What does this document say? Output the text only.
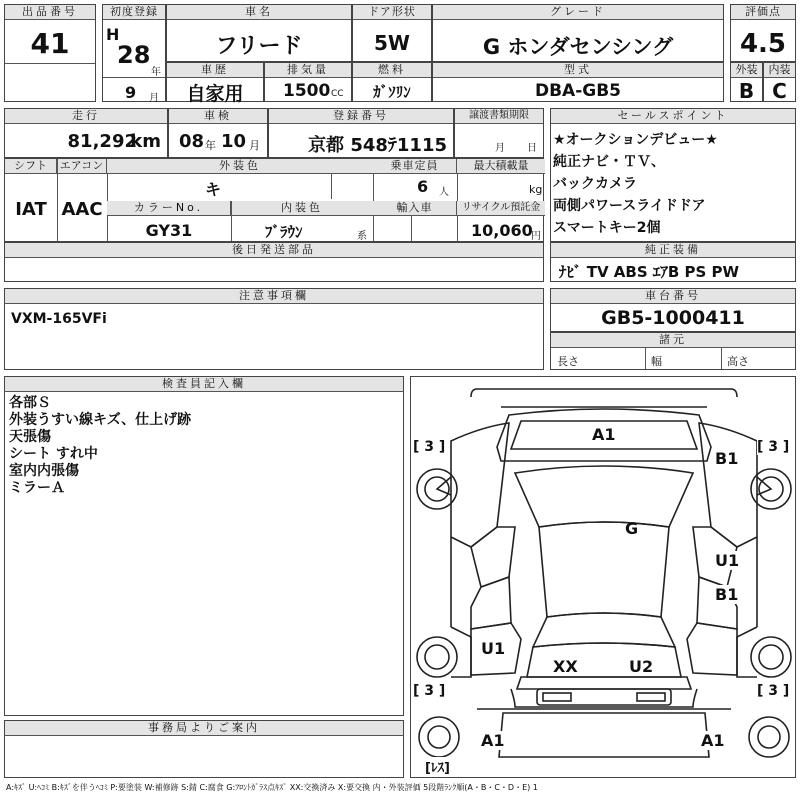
出品番号
41
初度登録
H
28
年
9 月
車名
フリード
ドア形状
5W
グレード
G ホンダセンシング
評価点
4.5
車歴
自家用
排気量
1500 CC
燃料
ｶﾞｿﾘﾝ
型式
DBA-GB5
外装
B
内装
C
走行
81,292
km
車検
08 年 10 月
登録番号
京都 548ﾃ1115
譲渡書類期限
月 日
シフト	エアコン
IAT AAC
外装色
キ
カラーNo.	内装色
GY31	ﾌﾞﾗｳﾝ	系
乗車定員
6 人
最大積載量
kg
輸入車	リサイクル預託金
10,060
円
後日発送部品
セールスポイント
★オークションデビュー★
純正ナビ・ＴＶ、
バックカメラ
両側パワースライドドア
スマートキー2個
純正装備
ﾅﾋﾞ TV ABS ｴｱB PS PW
注意事項欄
VXM-165VFi
車台番号
GB5-1000411
諸元
長さ	幅	高さ
検査員記入欄
各部Ｓ
外装うすい線キズ、仕上げ跡
天張傷
シート すれ中
室内内張傷
ミラーＡ
事務局よりご案内
A1
B1
G
U1
B1
U1
XX	U2
A1	A1
[ 3 ]	[ 3 ]
[ 3 ]	[ 3 ]
[ﾚｽ]
A:ｷｽﾞ U:ﾍｺﾐ B:ｷｽﾞを伴うﾍｺﾐ P:要塗装 W:補修跡 S:錆 C:腐食 G:ﾌﾛﾝﾄｶﾞﾗｽ点ｷｽﾞ XX:交換済み X:要交換 内・外装評価 5段階ﾗﾝｸ順(A・B・C・D・E) 1
